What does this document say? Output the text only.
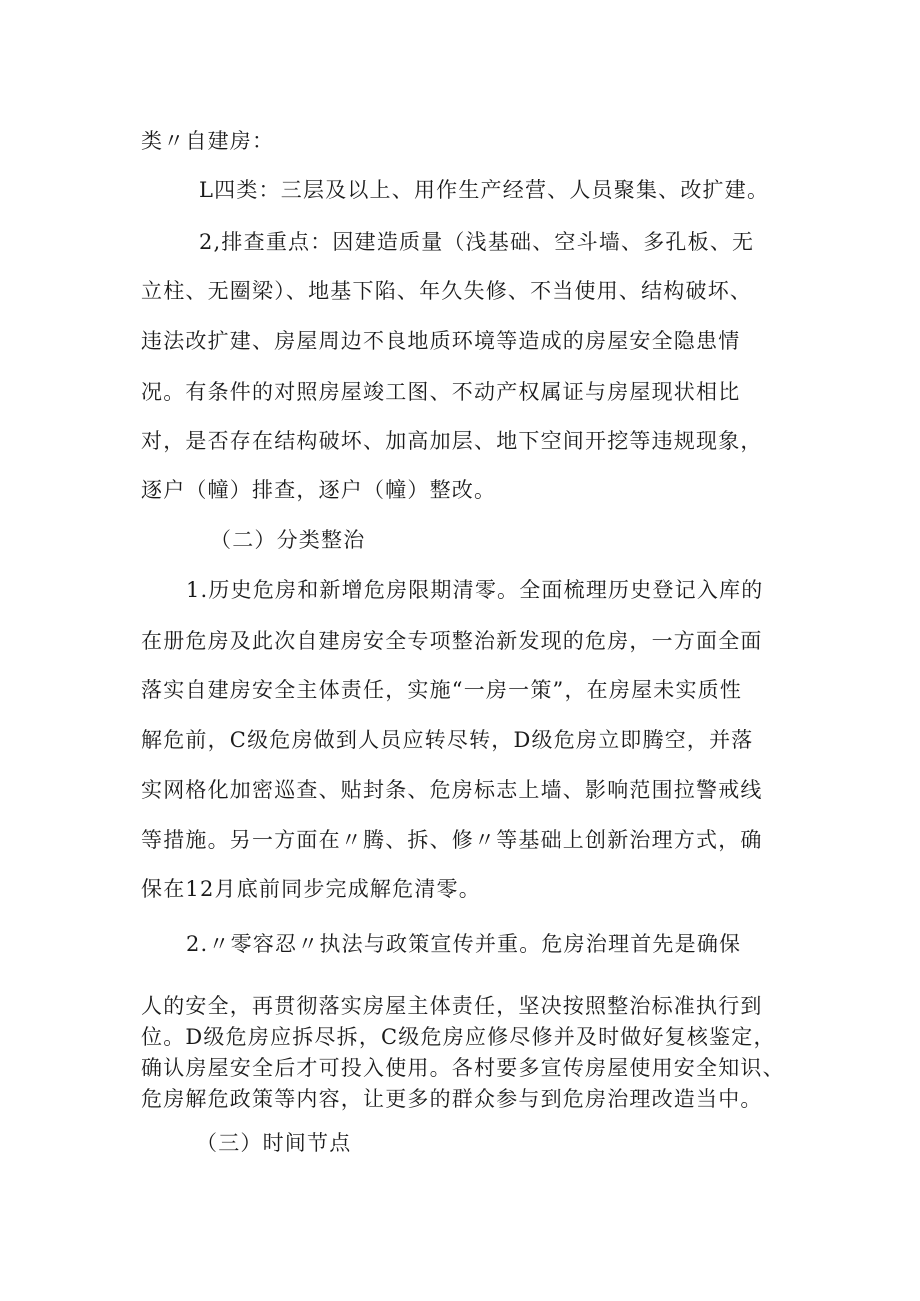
类〃自建房：
L四类：三层及以上、用作生产经营、人员聚集、改扩建。
2,排查重点：因建造质量（浅基础、空斗墙、多孔板、无
立柱、无圈梁）、地基下陷、年久失修、不当使用、结构破坏、
违法改扩建、房屋周边不良地质环境等造成的房屋安全隐患情
况。有条件的对照房屋竣工图、不动产权属证与房屋现状相比
对，是否存在结构破坏、加高加层、地下空间开挖等违规现象，
逐户（幢）排查，逐户（幢）整改。
（二）分类整治
1.历史危房和新增危房限期清零。全面梳理历史登记入库的
在册危房及此次自建房安全专项整治新发现的危房，一方面全面
落实自建房安全主体责任，实施“一房一策”，在房屋未实质性
解危前，C级危房做到人员应转尽转，D级危房立即腾空，并落
实网格化加密巡查、贴封条、危房标志上墙、影响范围拉警戒线
等措施。另一方面在〃腾、拆、修〃等基础上创新治理方式，确
保在12月底前同步完成解危清零。
2.〃零容忍〃执法与政策宣传并重。危房治理首先是确保
人的安全，再贯彻落实房屋主体责任，坚决按照整治标准执行到
位。D级危房应拆尽拆，C级危房应修尽修并及时做好复核鉴定，
确认房屋安全后才可投入使用。各村要多宣传房屋使用安全知识、
危房解危政策等内容，让更多的群众参与到危房治理改造当中。
（三）时间节点
